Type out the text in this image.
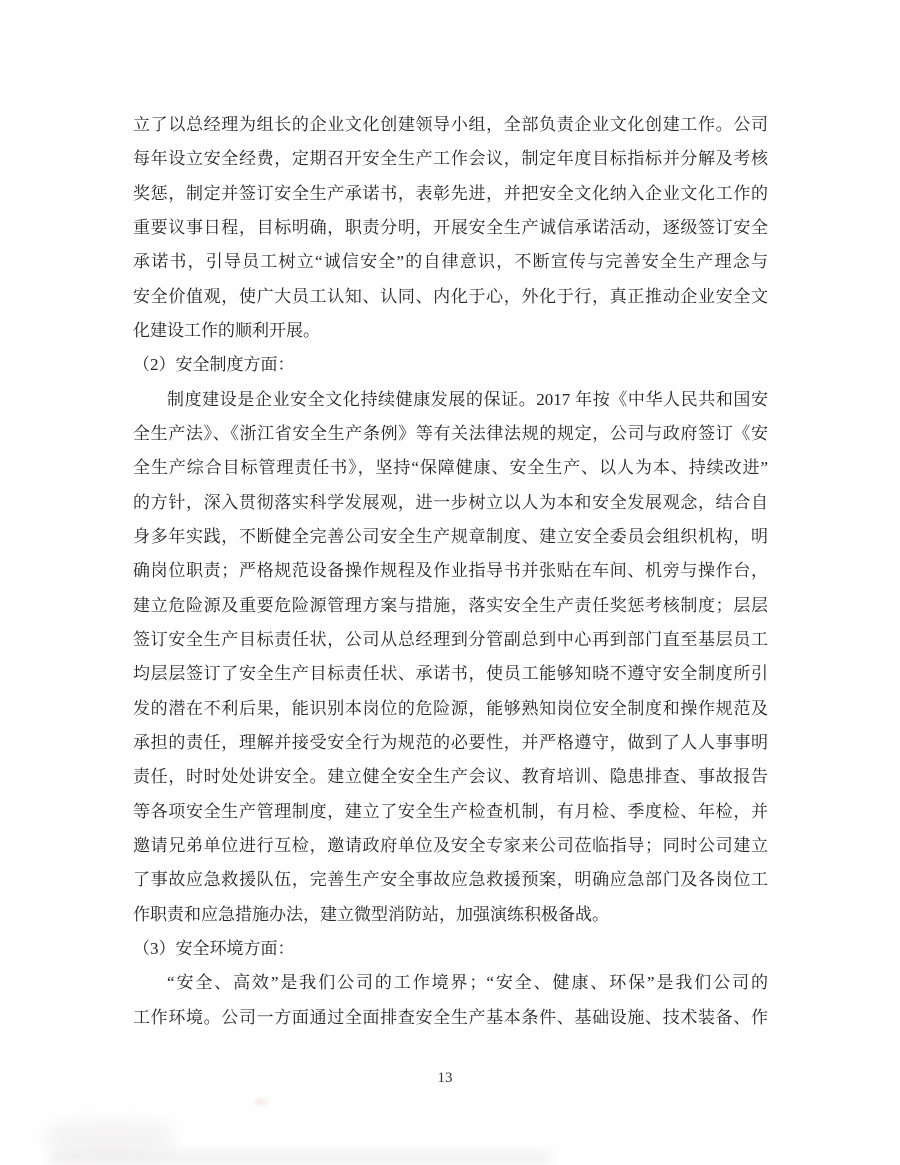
立了以总经理为组长的企业文化创建领导小组，全部负责企业文化创建工作。公司
每年设立安全经费，定期召开安全生产工作会议，制定年度目标指标并分解及考核
奖惩，制定并签订安全生产承诺书，表彰先进，并把安全文化纳入企业文化工作的
重要议事日程，目标明确，职责分明，开展安全生产诚信承诺活动，逐级签订安全
承诺书，引导员工树立“诚信安全”的自律意识，不断宣传与完善安全生产理念与
安全价值观，使广大员工认知、认同、内化于心，外化于行，真正推动企业安全文
化建设工作的顺利开展。
（2）安全制度方面：
制度建设是企业安全文化持续健康发展的保证。2017 年按《中华人民共和国安
全生产法》、《浙江省安全生产条例》等有关法律法规的规定，公司与政府签订《安
全生产综合目标管理责任书》，坚持“保障健康、安全生产、以人为本、持续改进”
的方针，深入贯彻落实科学发展观，进一步树立以人为本和安全发展观念，结合自
身多年实践，不断健全完善公司安全生产规章制度、建立安全委员会组织机构，明
确岗位职责；严格规范设备操作规程及作业指导书并张贴在车间、机旁与操作台，
建立危险源及重要危险源管理方案与措施，落实安全生产责任奖惩考核制度；层层
签订安全生产目标责任状，公司从总经理到分管副总到中心再到部门直至基层员工
均层层签订了安全生产目标责任状、承诺书，使员工能够知晓不遵守安全制度所引
发的潜在不利后果，能识别本岗位的危险源，能够熟知岗位安全制度和操作规范及
承担的责任，理解并接受安全行为规范的必要性，并严格遵守，做到了人人事事明
责任，时时处处讲安全。建立健全安全生产会议、教育培训、隐患排查、事故报告
等各项安全生产管理制度，建立了安全生产检查机制，有月检、季度检、年检，并
邀请兄弟单位进行互检，邀请政府单位及安全专家来公司莅临指导；同时公司建立
了事故应急救援队伍，完善生产安全事故应急救援预案，明确应急部门及各岗位工
作职责和应急措施办法，建立微型消防站，加强演练积极备战。
（3）安全环境方面：
“安全、高效”是我们公司的工作境界；“安全、健康、环保”是我们公司的
工作环境。公司一方面通过全面排查安全生产基本条件、基础设施、技术装备、作
13
